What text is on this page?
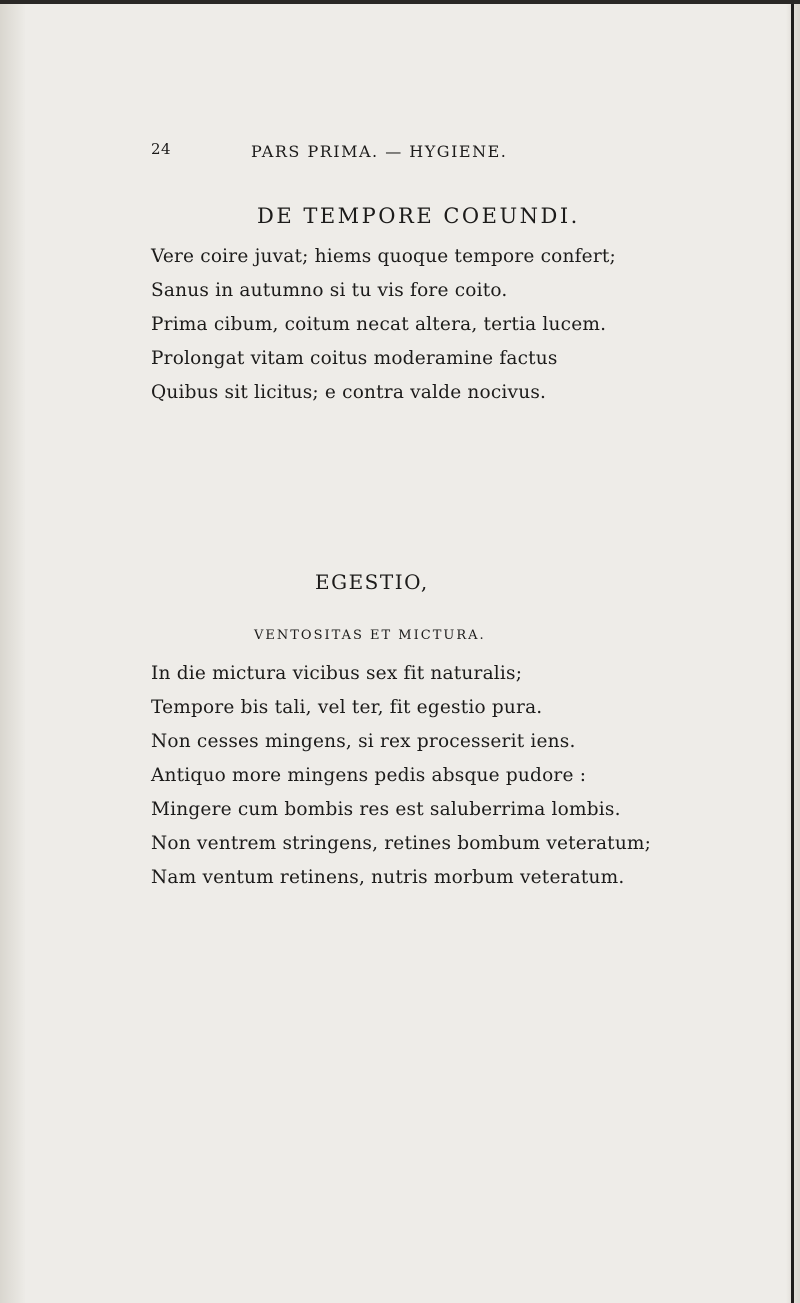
24	PARS PRIMA. — HYGIENE.
DE TEMPORE COEUNDI.
Vere coire juvat; hiems quoque tempore confert;
Sanus in autumno si tu vis fore coito.
Prima cibum, coitum necat altera, tertia lucem.
Prolongat vitam coitus moderamine factus
Quibus sit licitus; e contra valde nocivus.
EGESTIO,
VENTOSITAS ET MICTURA.
In die mictura vicibus sex fit naturalis;
Tempore bis tali, vel ter, fit egestio pura.
Non cesses mingens, si rex processerit iens.
Antiquo more mingens pedis absque pudore :
Mingere cum bombis res est saluberrima lombis.
Non ventrem stringens, retines bombum veteratum;
Nam ventum retinens, nutris morbum veteratum.
